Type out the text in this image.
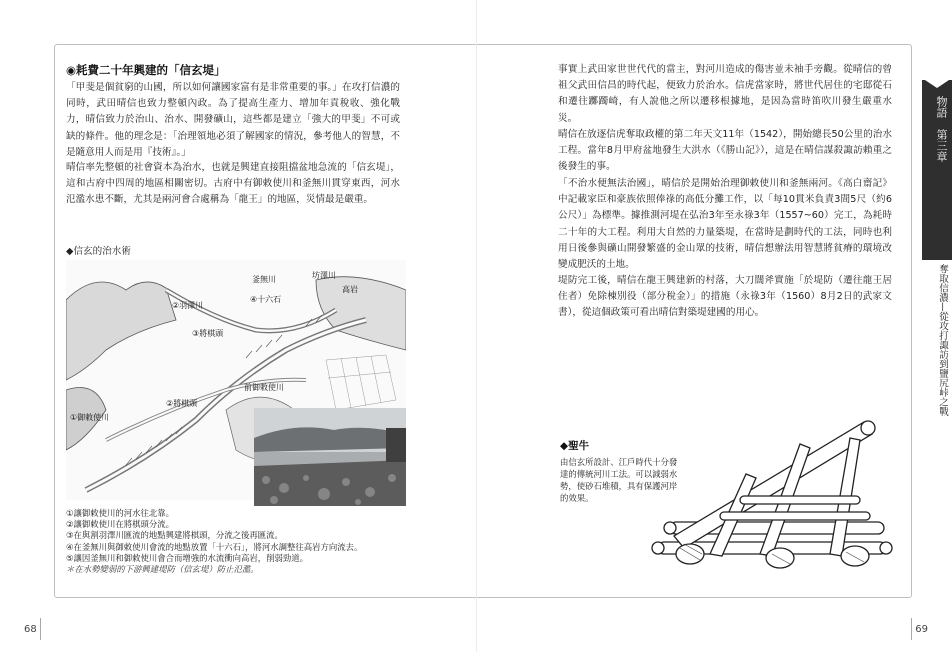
68	69
◉耗費二十年興建的「信玄堤」

「甲斐是個貧窮的山國，所以如何讓國家富有是非常重要的事。」在攻打信濃的同時，武田晴信也致力整頓內政。為了提高生產力、增加年貢稅收、強化戰力，晴信致力於治山、治水、開發礦山，這些都是建立「強大的甲斐」不可或缺的條件。他的理念是：「治理領地必須了解國家的情況，參考他人的智慧，不是隨意用人而是用『技術』。」

晴信率先整頓的社會資本為治水，也就是興建直接阻擋盆地急流的「信玄堤」，這和古府中四周的地區相關密切。古府中有御敕使川和釜無川貫穿東西，河水氾濫水患不斷，尤其是兩河會合處稱為「龍王」的地區，災情最是嚴重。

◆信玄的治水術
釜無川	坊澤川
高岩
②羽澤川
④十六石
③將棋頭
前御敕使川
②將棋頭
①御敕使川
①讓御敕使川的河水往北靠。
②讓御敕使川在將棋頭分流。
③在與割羽澤川匯流的地點興建將棋頭，分流之後再匯流。
④在釜無川與御敕使川會流的地點放置「十六石」，將河水調整往高岩方向流去。
⑤讓因釜無川和御敕使川會合而增強的水流衝向高岩，削弱勁道。
＊在水勢變弱的下游興建堤防（信玄堤）防止氾濫。

事實上武田家世世代代的當主，對河川造成的傷害並未袖手旁觀。從晴信的曾祖父武田信昌的時代起，便致力於治水。信虎當家時，將世代居住的宅邸從石和遷往躑躅崎，有人說他之所以遷移根據地，是因為當時笛吹川發生嚴重水災。

晴信在放逐信虎奪取政權的第二年天文11年（1542），開始總長50公里的治水工程。當年8月甲府盆地發生大洪水（《勝山記》），這是在晴信謀殺諏訪賴重之後發生的事。

「不治水便無法治國」，晴信於是開始治理御敕使川和釜無兩河。《高白齋記》中記載家臣和豪族依照俸祿的高低分攤工作，以「每10貫米負責3間5尺（約6公尺）」為標準。據推測河堤在弘治3年至永祿3年（1557~60）完工，為耗時二十年的大工程。利用大自然的力量築堤，在當時是劃時代的工法，同時也利用日後參與礦山開發繁盛的金山眾的技術，晴信想辦法用智慧將貧瘠的環境改變成肥沃的土地。

堤防完工後，晴信在龍王興建新的村落，大刀闊斧實施「於堤防（遷往龍王居住者）免除棟別役（部分稅金）」的措施（永祿3年（1560）8月2日的武家文書），從這個政策可看出晴信對築堤建國的用心。

◆聖牛

由信玄所設計、江戶時代十分發達的傳統河川工法。可以減弱水勢，使砂石堆積，具有保護河岸的效果。

物語　第三章
奪取信濃—從攻打諏訪到鹽尻峠之戰
